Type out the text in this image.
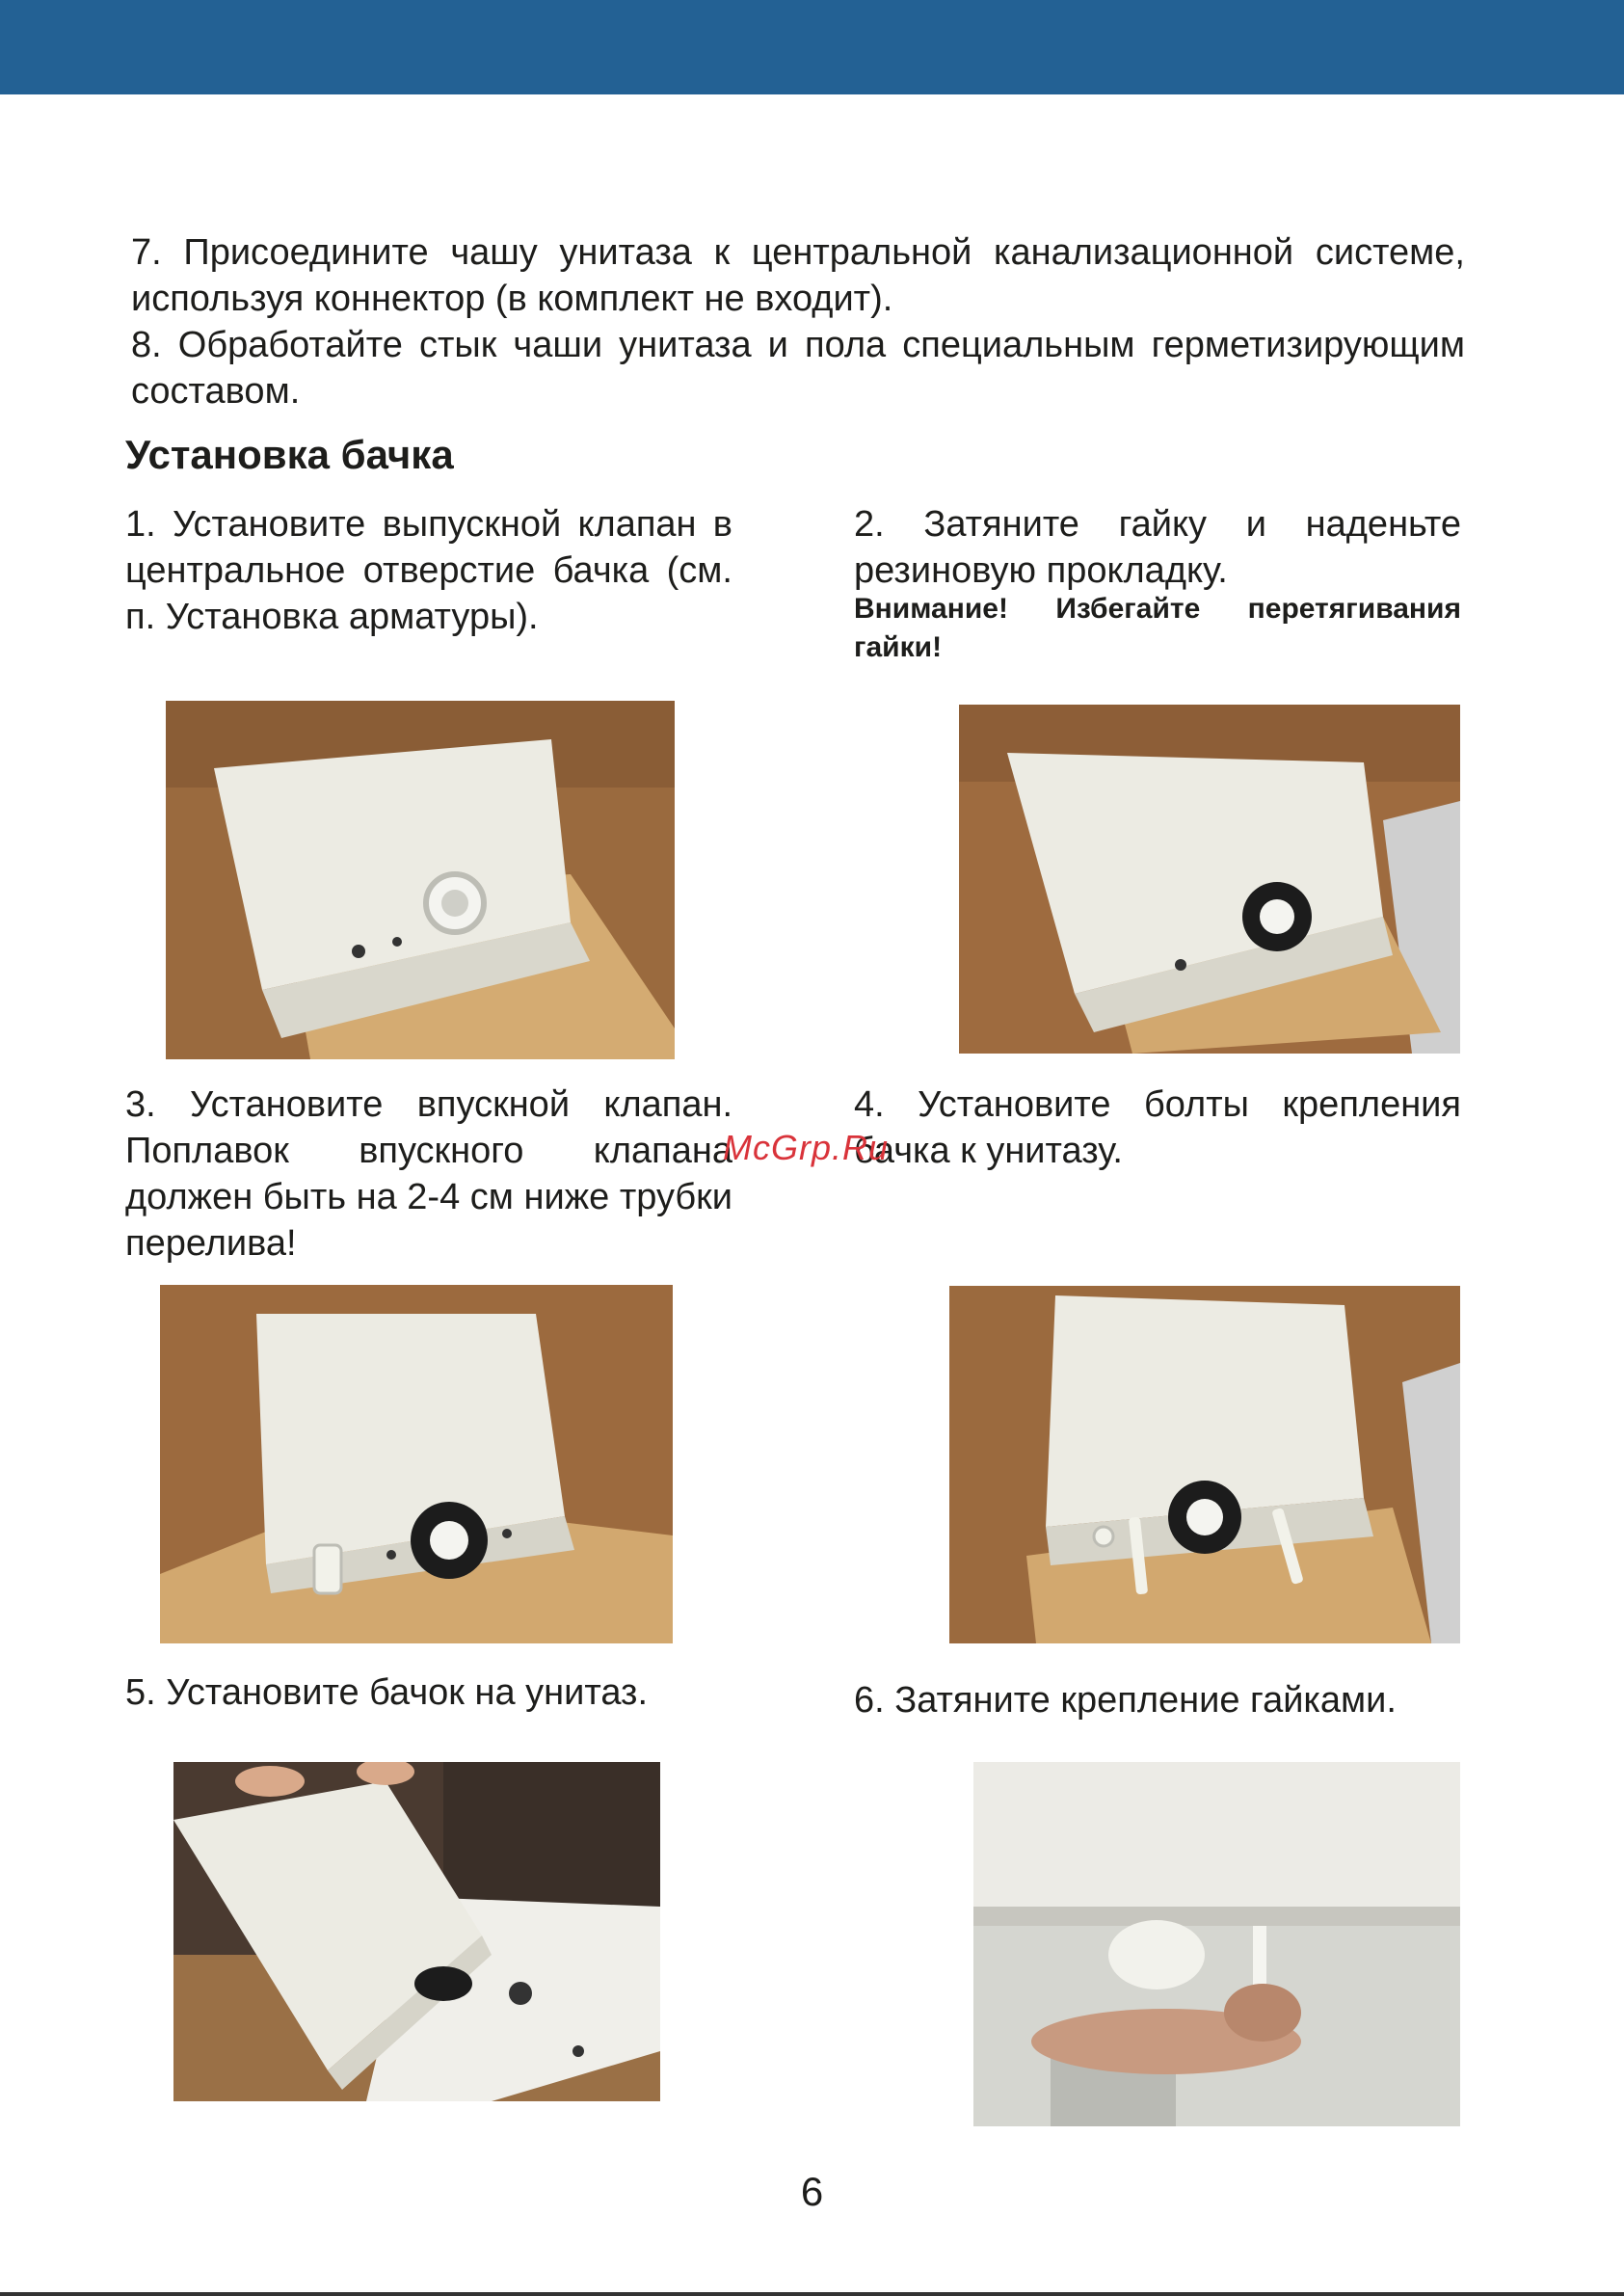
7. Присоедините чашу унитаза к центральной канализационной системе, используя коннектор (в комплект не входит).

8. Обработайте стык чаши унитаза и пола специальным герметизирующим составом.

Установка бачка

1. Установите выпускной клапан в центральное отверстие бачка (см. п. Установка арматуры).

2. Затяните гайку и наденьте резиновую прокладку.

Внимание! Избегайте перетягивания гайки!

3. Установите впускной клапан. Поплавок впускного клапана должен быть на 2-4 см ниже трубки перелива!

4. Установите болты крепления бачка к унитазу.

McGrp.Ru

5. Установите бачок на унитаз.	6. Затяните крепление гайками.

6
